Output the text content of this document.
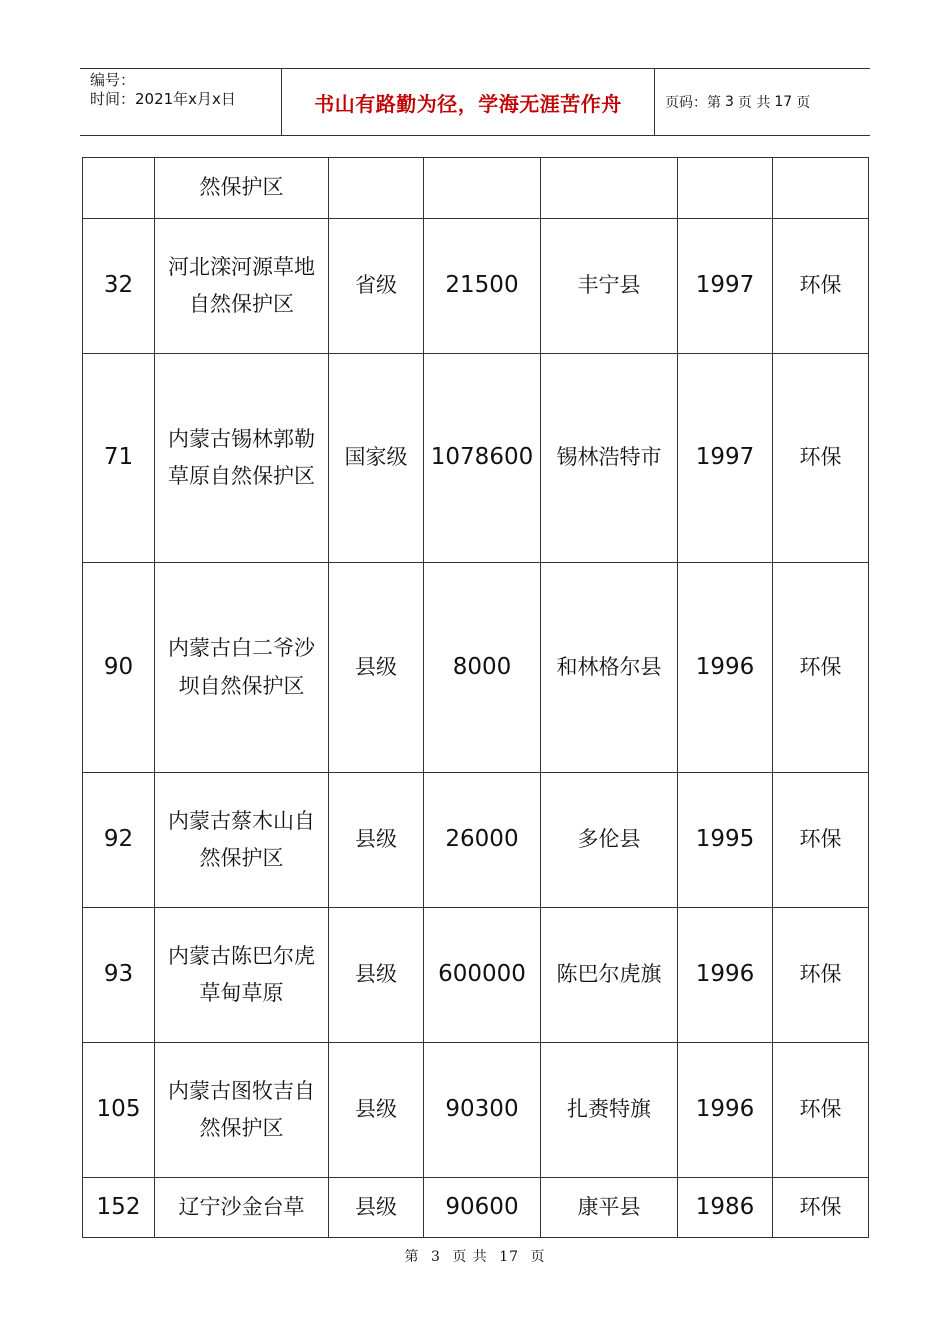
编号：
时间：2021年x月x日	书山有路勤为径，学海无涯苦作舟	页码：第 3 页 共 17 页
	然保护区					
32	河北滦河源草地自然保护区	省级	21500	丰宁县	1997	环保
71	内蒙古锡林郭勒草原自然保护区	国家级	1078600	锡林浩特市	1997	环保
90	内蒙古白二爷沙坝自然保护区	县级	8000	和林格尔县	1996	环保
92	内蒙古蔡木山自然保护区	县级	26000	多伦县	1995	环保
93	内蒙古陈巴尔虎草甸草原	县级	600000	陈巴尔虎旗	1996	环保
105	内蒙古图牧吉自然保护区	县级	90300	扎赉特旗	1996	环保
152	辽宁沙金台草	县级	90600	康平县	1986	环保
第 3 页 共 17 页
